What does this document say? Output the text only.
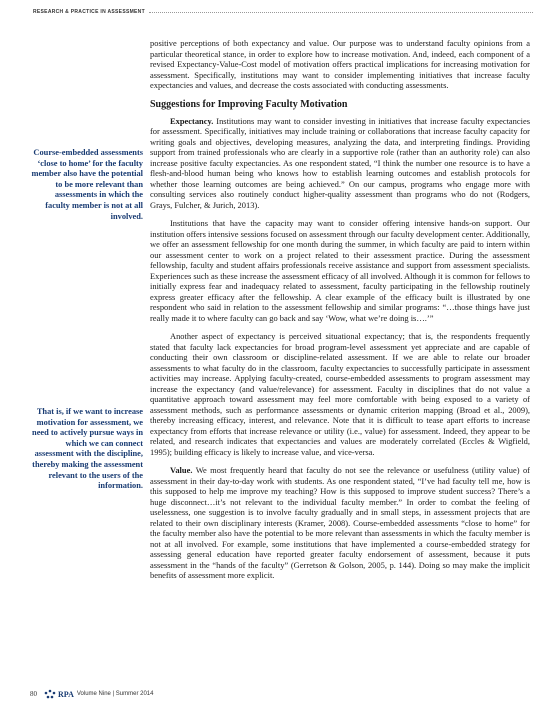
RESEARCH & PRACTICE IN ASSESSMENT

Course-embedded assessments ‘close to home’ for the faculty member also have the potential to be more relevant than assessments in which the faculty member is not at all involved.

That is, if we want to increase motivation for assessment, we need to actively pursue ways in which we can connect assessment with the discipline, thereby making the assessment relevant to the users of the information.

positive perceptions of both expectancy and value. Our purpose was to understand faculty opinions from a particular theoretical stance, in order to explore how to increase motivation. And, indeed, each component of a revised Expectancy-Value-Cost model of motivation offers practical implications for increasing motivation for assessment. Specifically, institutions may want to consider implementing initiatives that increase faculty expectancies and values, and decrease the costs associated with conducting assessments.

Suggestions for Improving Faculty Motivation

Expectancy. Institutions may want to consider investing in initiatives that increase faculty expectancies for assessment. Specifically, initiatives may include training or collaborations that increase faculty capacity for writing goals and objectives, developing measures, analyzing the data, and interpreting findings. Providing support from trained professionals who are clearly in a supportive role (rather than an authority role) can also increase positive faculty expectancies. As one respondent stated, “I think the number one resource is to have a flesh-and-blood human being who knows how to establish learning outcomes and establish protocols for whether those learning outcomes are being achieved.” On our campus, programs who engage more with consulting services also routinely conduct higher-quality assessment than programs who do not (Rodgers, Grays, Fulcher, & Jurich, 2013).

Institutions that have the capacity may want to consider offering intensive hands-on support. Our institution offers intensive sessions focused on assessment through our faculty development center. Additionally, we offer an assessment fellowship for one month during the summer, in which faculty are paid to intern within our assessment center to work on a project related to their assessment practice. During the assessment fellowship, faculty and student affairs professionals receive assistance and support from assessment specialists. Experiences such as these increase the assessment efficacy of all involved. Although it is common for fellows to initially express fear and inadequacy related to assessment, faculty participating in the fellowship routinely express greater efficacy after the fellowship. A clear example of the efficacy built is illustrated by one respondent who said in relation to the assessment fellowship and similar programs: “…those things have just really made it to where faculty can go back and say ‘Wow, what we’re doing is….’”

Another aspect of expectancy is perceived situational expectancy; that is, the respondents frequently stated that faculty lack expectancies for broad program-level assessment yet appreciate and are capable of conducting their own classroom or discipline-related assessment. If we are able to relate our broader assessments to what faculty do in the classroom, faculty expectancies to successfully participate in assessment activities may increase. Applying faculty-created, course-embedded assessments to program assessment may increase the expectancy (and value/relevance) for assessment. Faculty in disciplines that do not value a quantitative approach toward assessment may feel more comfortable with being exposed to a variety of assessment methods, such as performance assessments or dynamic criterion mapping (Broad et al., 2009), thereby increasing efficacy, interest, and relevance. Note that it is difficult to tease apart efforts to increase expectancy from efforts that increase relevance or utility (i.e., value) for assessment. Indeed, they appear to be related, and research indicates that expectancies and values are moderately correlated (Eccles & Wigfield, 1995); building efficacy is likely to increase value, and vice-versa.

Value. We most frequently heard that faculty do not see the relevance or usefulness (utility value) of assessment in their day-to-day work with students. As one respondent stated, “I’ve had faculty tell me, how is this supposed to help me improve my teaching? How is this supposed to improve student success? There’s a huge disconnect…it’s not relevant to the individual faculty member.” In order to combat the feeling of uselessness, one suggestion is to involve faculty gradually and in small steps, in assessment projects that are related to their own disciplinary interests (Kramer, 2008). Course-embedded assessments “close to home” for the faculty member also have the potential to be more relevant than assessments in which the faculty member is not at all involved. For example, some institutions that have implemented a course-embedded strategy for assessing general education have reported greater faculty endorsement of assessment, because it puts assessment in the “hands of the faculty” (Gerretson & Golson, 2005, p. 144). Doing so may make the implicit benefits of assessment more explicit.

80	RPA Volume Nine | Summer 2014
